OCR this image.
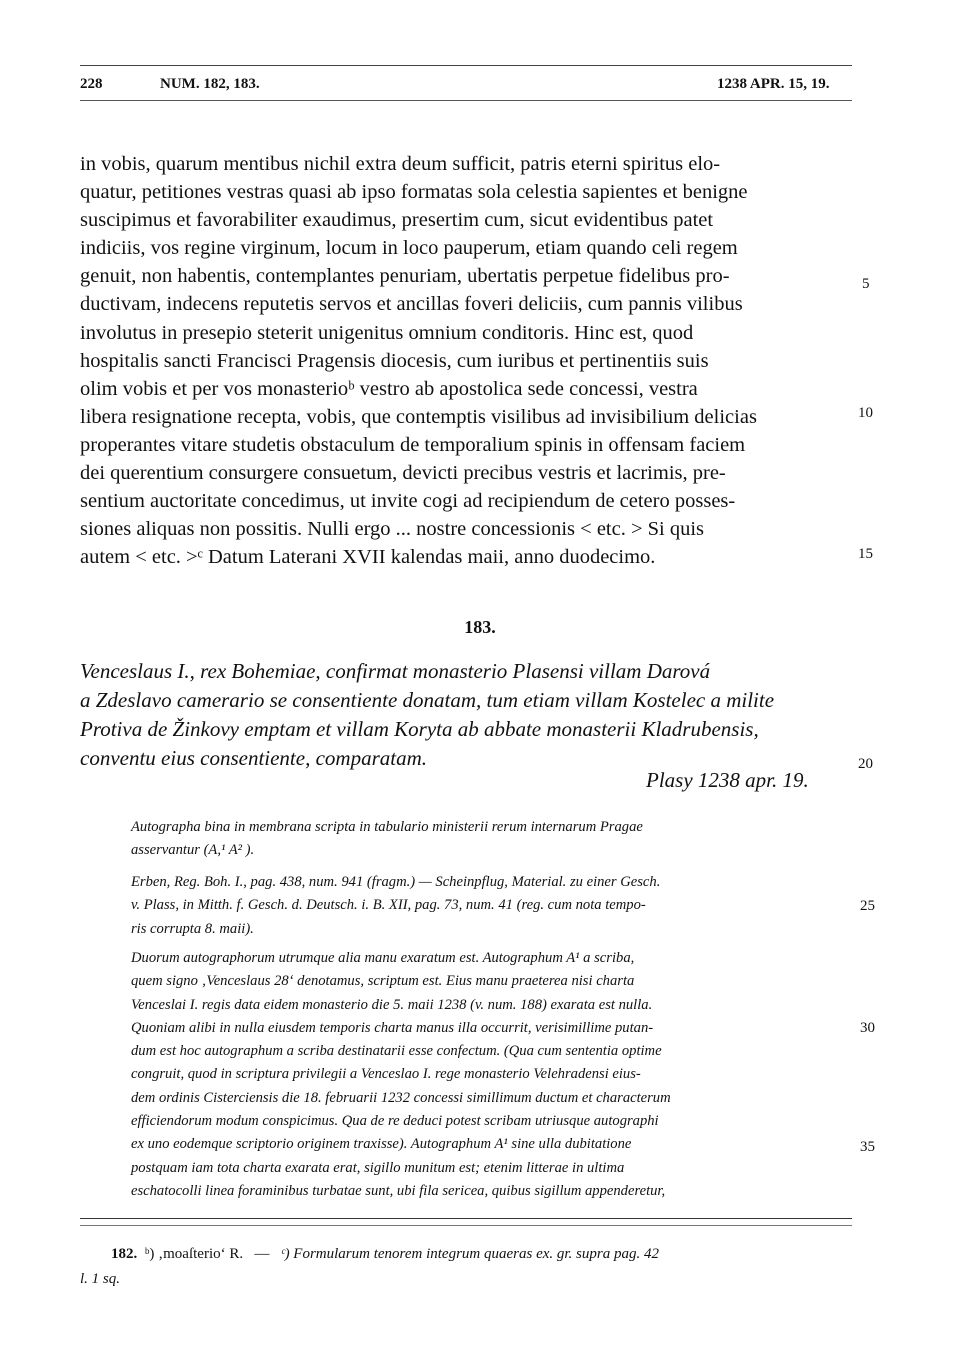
228	NUM. 182, 183.	1238 APR. 15, 19.
in vobis, quarum mentibus nichil extra deum sufficit, patris eterni spiritus elo-
quatur, petitiones vestras quasi ab ipso formatas sola celestia sapientes et benigne
suscipimus et favorabiliter exaudimus, presertim cum, sicut evidentibus patet
indiciis, vos regine virginum, locum in loco pauperum, etiam quando celi regem
genuit, non habentis, contemplantes penuriam, ubertatis perpetue fidelibus pro-
ductivam, indecens reputetis servos et ancillas foveri deliciis, cum pannis vilibus
involutus in presepio steterit unigenitus omnium conditoris. Hinc est, quod
hospitalis sancti Francisci Pragensis diocesis, cum iuribus et pertinentiis suis
olim vobis et per vos monasterioᵇ vestro ab apostolica sede concessi, vestra
libera resignatione recepta, vobis, que contemptis visilibus ad invisibilium delicias
properantes vitare studetis obstaculum de temporalium spinis in offensam faciem
dei querentium consurgere consuetum, devicti precibus vestris et lacrimis, pre-
sentium auctoritate concedimus, ut invite cogi ad recipiendum de cetero posses-
siones aliquas non possitis. Nulli ergo ... nostre concessionis < etc. > Si quis
autem < etc. >ᶜ Datum Laterani XVII kalendas maii, anno duodecimo.
5
10
15
183.
Venceslaus I., rex Bohemiae, confirmat monasterio Plasensi villam Darová
a Zdeslavo camerario se consentiente donatam, tum etiam villam Kostelec a milite
Protiva de Žinkovy emptam et villam Koryta ab abbate monasterii Kladrubensis,
conventu eius consentiente, comparatam.	20
Plasy 1238 apr. 19.
Autographa bina in membrana scripta in tabulario ministerii rerum internarum Pragae
asservantur (A,¹ A² ).
Erben, Reg. Boh. I., pag. 438, num. 941 (fragm.) — Scheinpflug, Material. zu einer Gesch.
v. Plass, in Mitth. f. Gesch. d. Deutsch. i. B. XII, pag. 73, num. 41 (reg. cum nota tempo-
ris corrupta 8. maii).
Duorum autographorum utrumque alia manu exaratum est. Autographum A¹ a scriba,
quem signo ‚Venceslaus 28‘ denotamus, scriptum est. Eius manu praeterea nisi charta
Venceslai I. regis data eidem monasterio die 5. maii 1238 (v. num. 188) exarata est nulla.
Quoniam alibi in nulla eiusdem temporis charta manus illa occurrit, verisimillime putan-
dum est hoc autographum a scriba destinatarii esse confectum. (Qua cum sententia optime
congruit, quod in scriptura privilegii a Venceslao I. rege monasterio Velehradensi eius-
dem ordinis Cisterciensis die 18. februarii 1232 concessi simillimum ductum et characterum
efficiendorum modum conspicimus. Qua de re deduci potest scribam utriusque autographi
ex uno eodemque scriptorio originem traxisse). Autographum A¹ sine ulla dubitatione
postquam iam tota charta exarata erat, sigillo munitum est; etenim litterae in ultima
eschatocolli linea foraminibus turbatae sunt, ubi fila sericea, quibus sigillum appenderetur,
25
30
35
182. ᵇ) ‚moaſterio‘ R. — ᶜ) Formularum tenorem integrum quaeras ex. gr. supra pag. 42
l. 1 sq.
